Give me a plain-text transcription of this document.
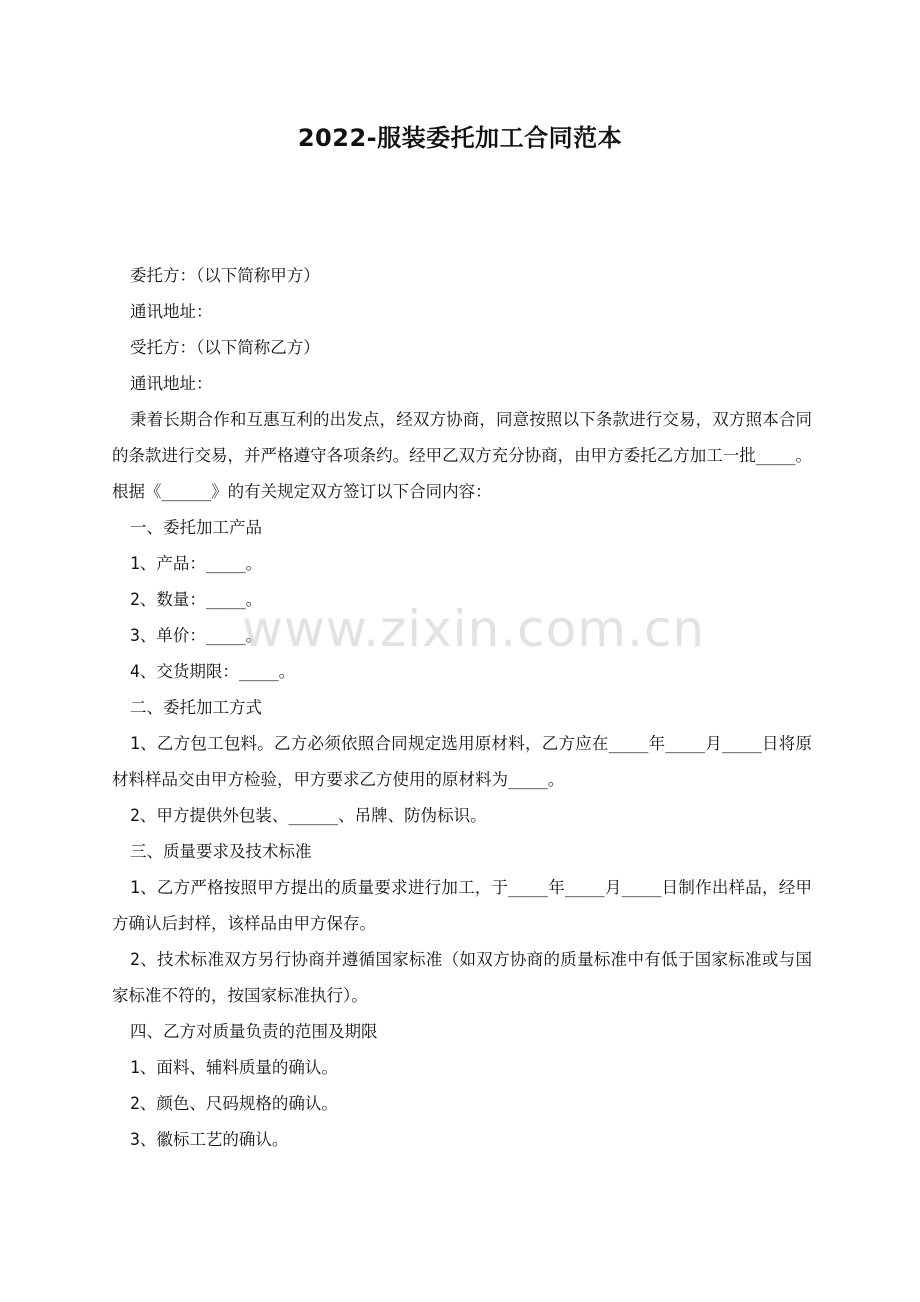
2022-服装委托加工合同范本

委托方：（以下简称甲方）

通讯地址：

受托方：（以下简称乙方）

通讯地址：

秉着长期合作和互惠互利的出发点，经双方协商，同意按照以下条款进行交易，双方照本合同的条款进行交易，并严格遵守各项条约。经甲乙双方充分协商，由甲方委托乙方加工一批____。根据《_____》的有关规定双方签订以下合同内容：

一、委托加工产品

1、产品：____。

2、数量：____。

3、单价：____。

4、交货期限：____。

二、委托加工方式

1、乙方包工包料。乙方必须依照合同规定选用原材料，乙方应在____年____月____日将原材料样品交由甲方检验，甲方要求乙方使用的原材料为____。

2、甲方提供外包装、_____、吊牌、防伪标识。

三、质量要求及技术标准

1、乙方严格按照甲方提出的质量要求进行加工，于____年____月____日制作出样品，经甲方确认后封样，该样品由甲方保存。

2、技术标准双方另行协商并遵循国家标准（如双方协商的质量标准中有低于国家标准或与国家标准不符的，按国家标准执行）。

四、乙方对质量负责的范围及期限

1、面料、辅料质量的确认。

2、颜色、尺码规格的确认。

3、徽标工艺的确认。

www.zixin.com.cn
